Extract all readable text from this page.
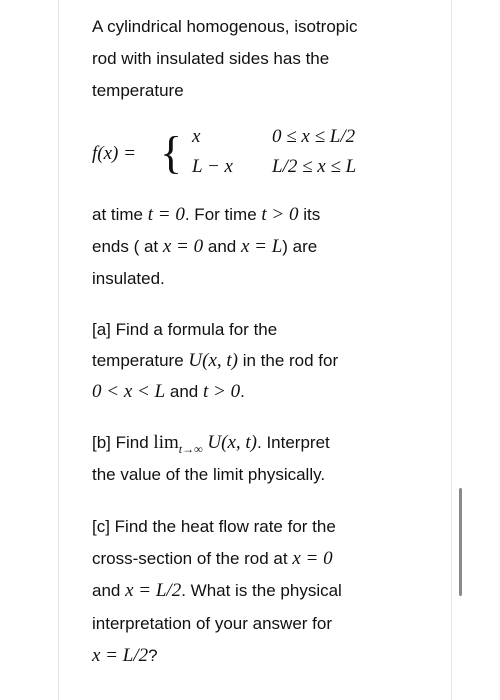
A cylindrical homogenous, isotropic
rod with insulated sides has the
temperature
f(x) = { x	0 ≤ x ≤ L/2
L − x L/2 ≤ x ≤ L
at time t = 0. For time t > 0 its
ends ( at x = 0 and x = L) are
insulated.
[a] Find a formula for the
temperature U(x, t) in the rod for
0 < x < L and t > 0.
[b] Find $\lim_{t\to\infty} U(x$, t). Interpret
the value of the limit physically.
[c] Find the heat flow rate for the
cross-section of the rod at x = 0
and x = L/2. What is the physical
interpretation of your answer for
x = L/2?
